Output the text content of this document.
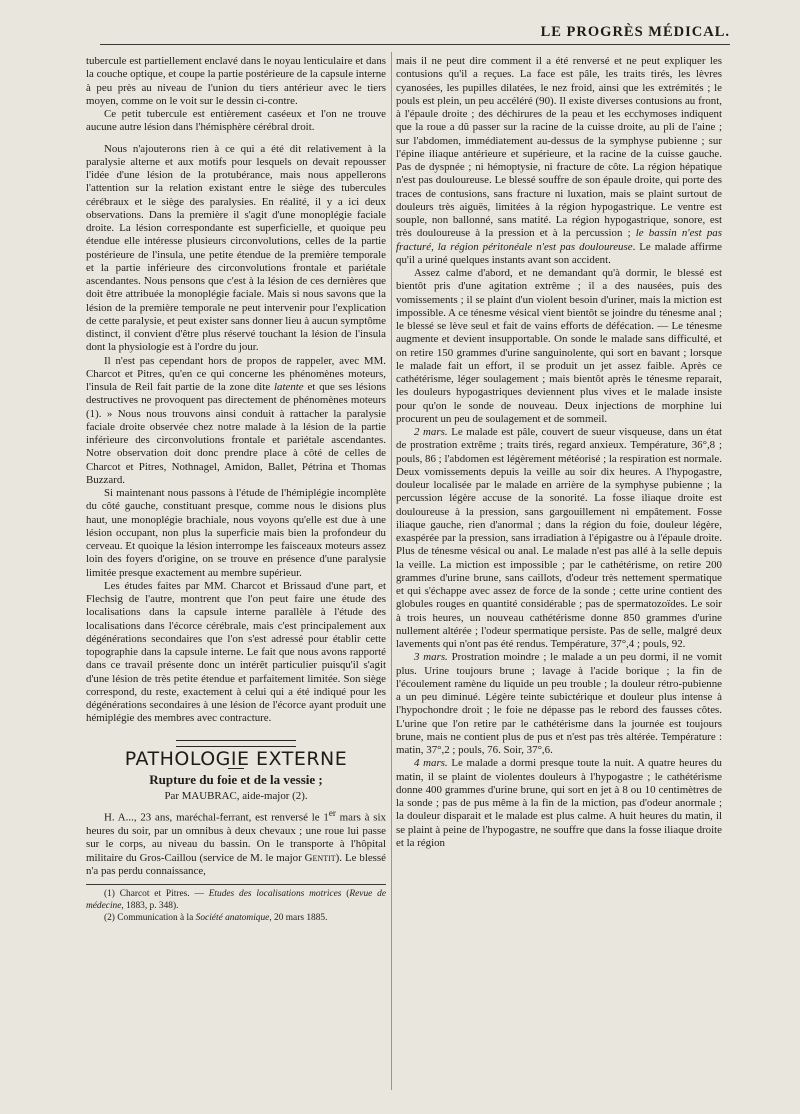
LE PROGRÈS MÉDICAL.

tubercule est partiellement enclavé dans le noyau lenticulaire et dans la couche optique, et coupe la partie postérieure de la capsule interne à peu près au niveau de l'union du tiers antérieur avec le tiers moyen, comme on le voit sur le dessin ci-contre.

Ce petit tubercule est entièrement caséeux et l'on ne trouve aucune autre lésion dans l'hémisphère cérébral droit.

Nous n'ajouterons rien à ce qui a été dit relativement à la paralysie alterne et aux motifs pour lesquels on devait repousser l'idée d'une lésion de la protubérance, mais nous appellerons l'attention sur la relation existant entre le siège des tubercules cérébraux et le siège des paralysies. En réalité, il y a ici deux observations. Dans la première il s'agit d'une monoplégie faciale droite. La lésion correspondante est superficielle, et quoique peu étendue elle intéresse plusieurs circonvolutions, celles de la partie postérieure de l'insula, une petite étendue de la première temporale et la partie inférieure des circonvolutions frontale et pariétale ascendantes. Nous pensons que c'est à la lésion de ces dernières que doit être attribuée la monoplégie faciale. Mais si nous savons que la lésion de la première temporale ne peut intervenir pour l'explication de cette paralysie, et peut exister sans donner lieu à aucun symptôme distinct, il convient d'être plus réservé touchant la lésion de l'insula dont la physiologie est à l'ordre du jour.

Il n'est pas cependant hors de propos de rappeler, avec MM. Charcot et Pitres, qu'en ce qui concerne les phénomènes moteurs, l'insula de Reil fait partie de la zone dite latente et que ses lésions destructives ne provoquent pas directement de phénomènes moteurs (1). » Nous nous trouvons ainsi conduit à rattacher la paralysie faciale droite observée chez notre malade à la lésion de la partie inférieure des circonvolutions frontale et pariétale ascendantes. Notre observation doit donc prendre place à côté de celles de Charcot et Pitres, Nothnagel, Amidon, Ballet, Pétrina et Thomas Buzzard.

Si maintenant nous passons à l'étude de l'hémiplégie incomplète du côté gauche, constituant presque, comme nous le disions plus haut, une monoplégie brachiale, nous voyons qu'elle est due à une lésion occupant, non plus la superficie mais bien la profondeur du cerveau. Et quoique la lésion interrompe les faisceaux moteurs assez loin des foyers d'origine, on se trouve en présence d'une paralysie limitée presque exactement au membre supérieur.

Les études faites par MM. Charcot et Brissaud d'une part, et Flechsig de l'autre, montrent que l'on peut faire une étude des localisations dans la capsule interne parallèle à l'étude des localisations dans l'écorce cérébrale, mais c'est principalement aux dégénérations secondaires que l'on s'est adressé pour établir cette topographie dans la capsule interne. Le fait que nous avons rapporté dans ce travail présente donc un intérêt particulier puisqu'il s'agit d'une lésion de très petite étendue et parfaitement limitée. Son siège correspond, du reste, exactement à celui qui a été indiqué pour les dégénérations secondaires à une lésion de l'écorce ayant produit une hémiplégie des membres avec contracture.

PATHOLOGIE EXTERNE
Rupture du foie et de la vessie ;
Par MAUBRAC, aide-major (2).

H. A..., 23 ans, maréchal-ferrant, est renversé le 1er mars à six heures du soir, par un omnibus à deux chevaux ; une roue lui passe sur le corps, au niveau du bassin. On le transporte à l'hôpital militaire du Gros-Caillou (service de M. le major Gentit). Le blessé n'a pas perdu connaissance,

(1) Charcot et Pitres. — Etudes des localisations motrices (Revue de médecine, 1883, p. 348).

(2) Communication à la Société anatomique, 20 mars 1885.

mais il ne peut dire comment il a été renversé et ne peut expliquer les contusions qu'il a reçues. La face est pâle, les traits tirés, les lèvres cyanosées, les pupilles dilatées, le nez froid, ainsi que les extrémités ; le pouls est plein, un peu accéléré (90). Il existe diverses contusions au front, à l'épaule droite ; des déchirures de la peau et les ecchymoses indiquent que la roue a dû passer sur la racine de la cuisse droite, au pli de l'aine ; sur l'abdomen, immédiatement au-dessus de la symphyse pubienne ; sur l'épine iliaque antérieure et supérieure, et la racine de la cuisse gauche. Pas de dyspnée ; ni hémoptysie, ni fracture de côte. La région hépatique n'est pas douloureuse. Le blessé souffre de son épaule droite, qui porte des traces de contusions, sans fracture ni luxation, mais se plaint surtout de douleurs très aiguës, limitées à la région hypogastrique. Le ventre est souple, non ballonné, sans matité. La région hypogastrique, sonore, est très douloureuse à la pression et à la percussion ; le bassin n'est pas fracturé, la région péritonéale n'est pas douloureuse. Le malade affirme qu'il a uriné quelques instants avant son accident.

Assez calme d'abord, et ne demandant qu'à dormir, le blessé est bientôt pris d'une agitation extrême ; il a des nausées, puis des vomissements ; il se plaint d'un violent besoin d'uriner, mais la miction est impossible. A ce ténesme vésical vient bientôt se joindre du ténesme anal ; le blessé se lève seul et fait de vains efforts de défécation. — Le ténesme augmente et devient insupportable. On sonde le malade sans difficulté, et on retire 150 grammes d'urine sanguinolente, qui sort en bavant ; lorsque le malade fait un effort, il se produit un jet assez faible. Après ce cathétérisme, léger soulagement ; mais bientôt après le ténesme reparait, les douleurs hypogastriques deviennent plus vives et le malade insiste pour qu'on le sonde de nouveau. Deux injections de morphine lui procurent un peu de soulagement et de sommeil.

2 mars. Le malade est pâle, couvert de sueur visqueuse, dans un état de prostration extrême ; traits tirés, regard anxieux. Température, 36°,8 ; pouls, 86 ; l'abdomen est légèrement météorisé ; la respiration est normale. Deux vomissements depuis la veille au soir dix heures. A l'hypogastre, douleur localisée par le malade en arrière de la symphyse pubienne ; la percussion légère accuse de la sonorité. La fosse iliaque droite est douloureuse à la pression, sans gargouillement ni empâtement. Fosse iliaque gauche, rien d'anormal ; dans la région du foie, douleur légère, exaspérée par la pression, sans irradiation à l'épigastre ou à l'épaule droite. Plus de ténesme vésical ou anal. Le malade n'est pas allé à la selle depuis la veille. La miction est impossible ; par le cathétérisme, on retire 200 grammes d'urine brune, sans caillots, d'odeur très nettement spermatique et qui s'échappe avec assez de force de la sonde ; cette urine contient des globules rouges en quantité considérable ; pas de spermatozoïdes. Le soir à trois heures, un nouveau cathétérisme donne 850 grammes d'urine nullement altérée ; l'odeur spermatique persiste. Pas de selle, malgré deux lavements qui n'ont pas été rendus. Température, 37°,4 ; pouls, 92.

3 mars. Prostration moindre ; le malade a un peu dormi, il ne vomit plus. Urine toujours brune ; lavage à l'acide borique ; la fin de l'écoulement ramène du liquide un peu trouble ; la douleur rétro-pubienne a un peu diminué. Légère teinte subictérique et douleur plus intense à l'hypochondre droit ; le foie ne dépasse pas le rebord des fausses côtes. L'urine que l'on retire par le cathétérisme dans la journée est toujours brune, mais ne contient plus de pus et n'est pas très altérée. Température : matin, 37°,2 ; pouls, 76. Soir, 37°,6.

4 mars. Le malade a dormi presque toute la nuit. A quatre heures du matin, il se plaint de violentes douleurs à l'hypogastre ; le cathétérisme donne 400 grammes d'urine brune, qui sort en jet à 8 ou 10 centimètres de la sonde ; pas de pus même à la fin de la miction, pas d'odeur anormale ; la douleur disparait et le malade est plus calme. A huit heures du matin, il se plaint à peine de l'hypogastre, ne souffre que dans la fosse iliaque droite et la région
